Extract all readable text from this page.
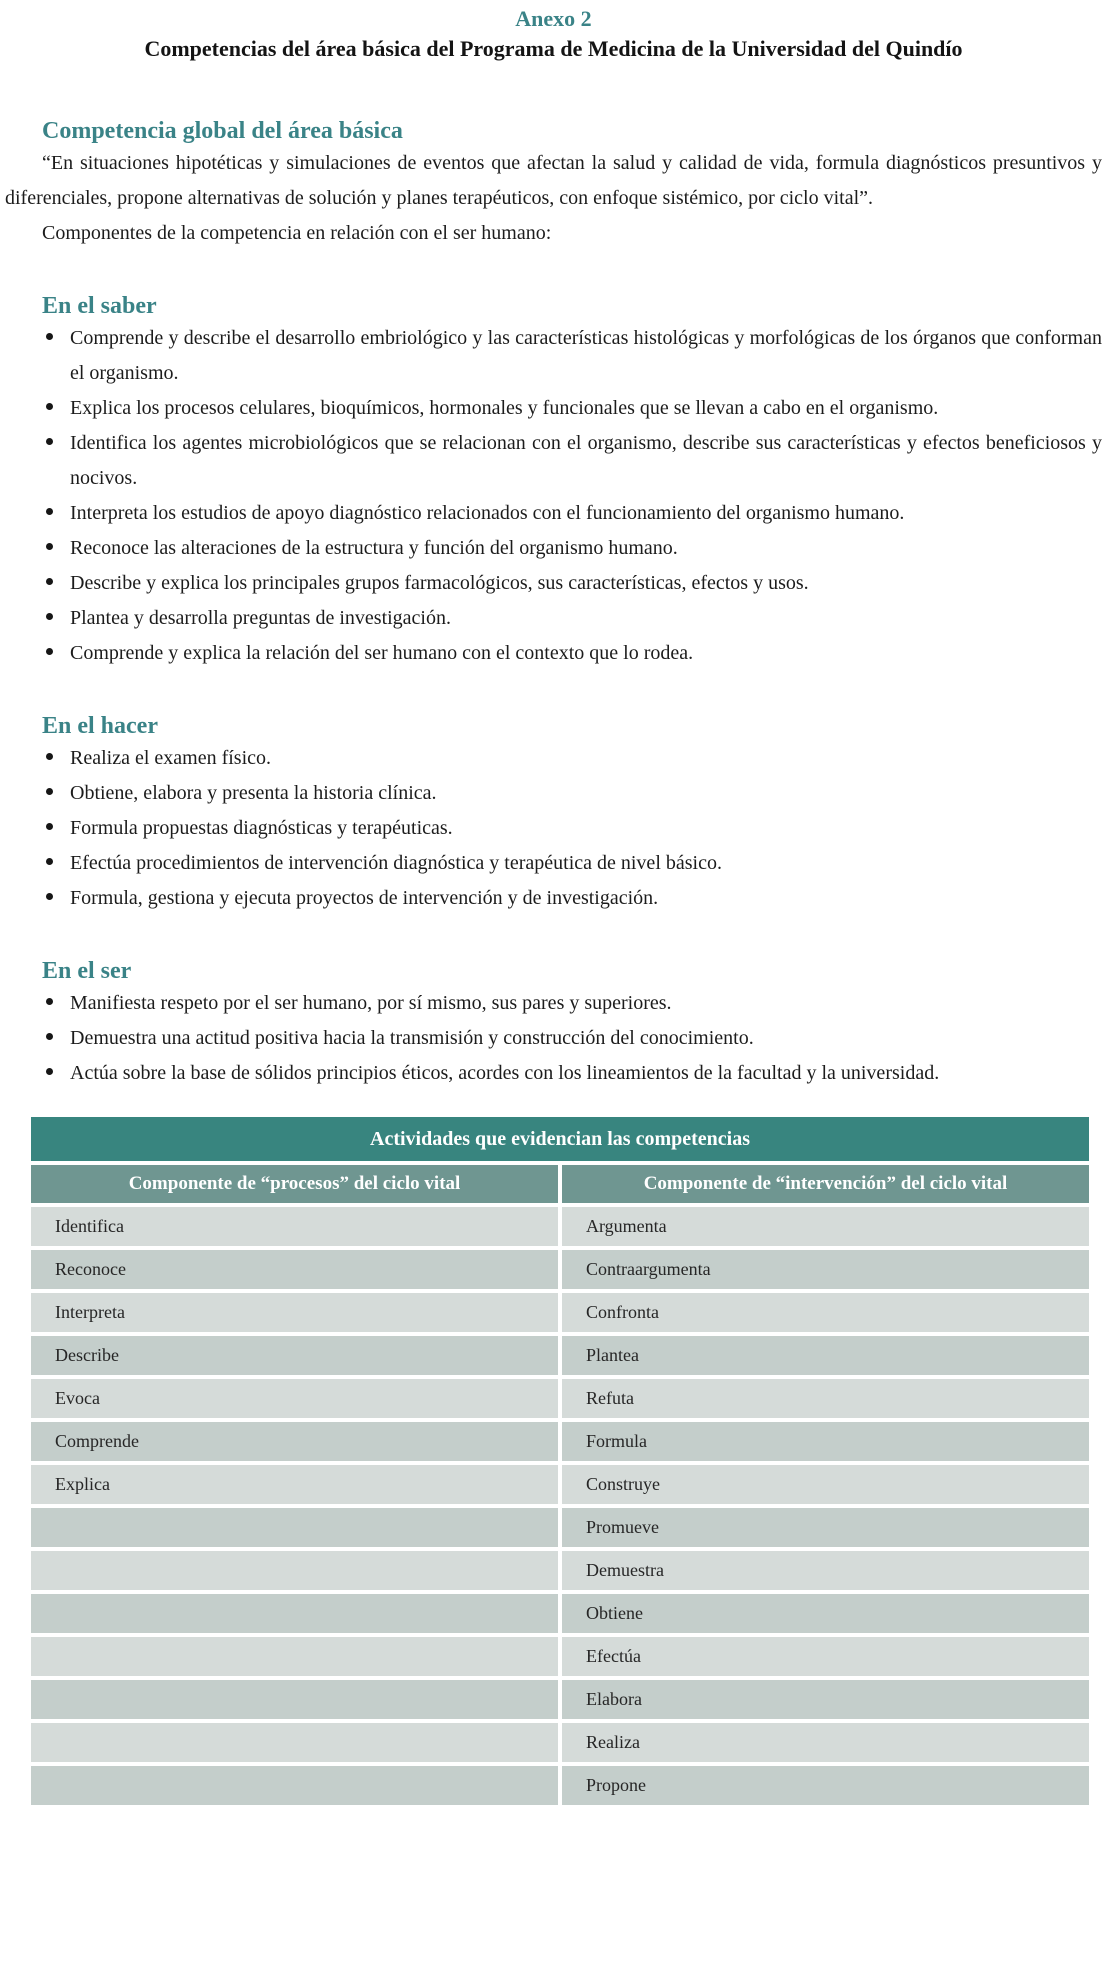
Anexo 2
Competencias del área básica del Programa de Medicina de la Universidad del Quindío
Competencia global del área básica

“En situaciones hipotéticas y simulaciones de eventos que afectan la salud y calidad de vida, formula diagnósticos presuntivos y diferenciales, propone alternativas de solución y planes terapéuticos, con enfoque sistémico, por ciclo vital”.

Componentes de la competencia en relación con el ser humano:

En el saber
Comprende y describe el desarrollo embriológico y las características histológicas y morfológicas de los órganos que conforman el organismo.
Explica los procesos celulares, bioquímicos, hormonales y funcionales que se llevan a cabo en el organismo.
Identifica los agentes microbiológicos que se relacionan con el organismo, describe sus características y efectos beneficiosos y nocivos.
Interpreta los estudios de apoyo diagnóstico relacionados con el funcionamiento del organismo humano.
Reconoce las alteraciones de la estructura y función del organismo humano.
Describe y explica los principales grupos farmacológicos, sus características, efectos y usos.
Plantea y desarrolla preguntas de investigación.
Comprende y explica la relación del ser humano con el contexto que lo rodea.
En el hacer
Realiza el examen físico.
Obtiene, elabora y presenta la historia clínica.
Formula propuestas diagnósticas y terapéuticas.
Efectúa procedimientos de intervención diagnóstica y terapéutica de nivel básico.
Formula, gestiona y ejecuta proyectos de intervención y de investigación.
En el ser
Manifiesta respeto por el ser humano, por sí mismo, sus pares y superiores.
Demuestra una actitud positiva hacia la transmisión y construcción del conocimiento.
Actúa sobre la base de sólidos principios éticos, acordes con los lineamientos de la facultad y la universidad.
Actividades que evidencian las competencias	
Componente de “procesos” del ciclo vital	Componente de “intervención” del ciclo vital
Identifica	Argumenta
Reconoce	Contraargumenta
Interpreta	Confronta
Describe	Plantea
Evoca	Refuta
Comprende	Formula
Explica	Construye
	Promueve
	Demuestra
	Obtiene
	Efectúa
	Elabora
	Realiza
	Propone
